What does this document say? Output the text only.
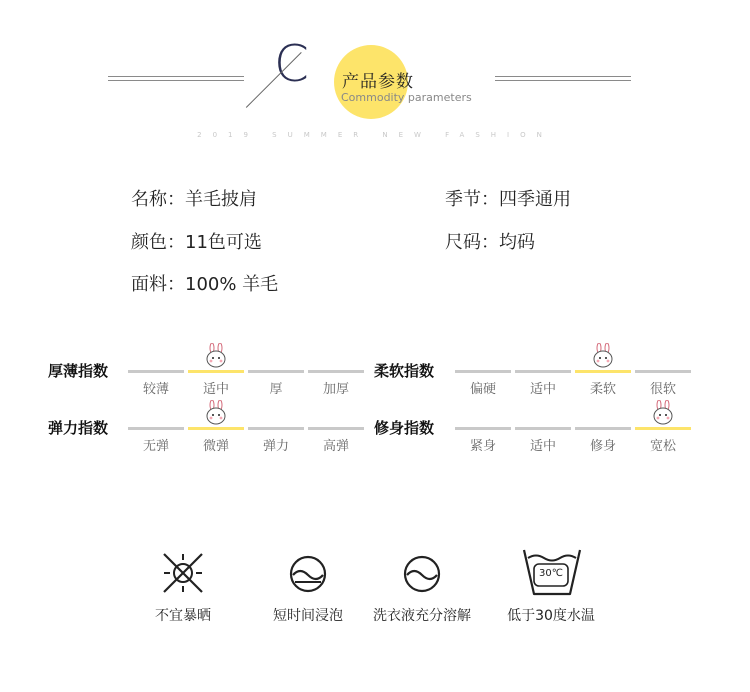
C 产品参数
Commodity parameters
2019 SUMMER NEW FASHION
名称：羊毛披肩	季节：四季通用
颜色：11色可选	尺码：均码
面料：100% 羊毛
厚薄指数
较薄	适中	厚	加厚
柔软指数
偏硬	适中	柔软	很软
弹力指数
无弹	微弹	弹力	高弹
修身指数
紧身	适中	修身	宽松
30℃
不宜暴晒	短时间浸泡	洗衣液充分溶解	低于30度水温
